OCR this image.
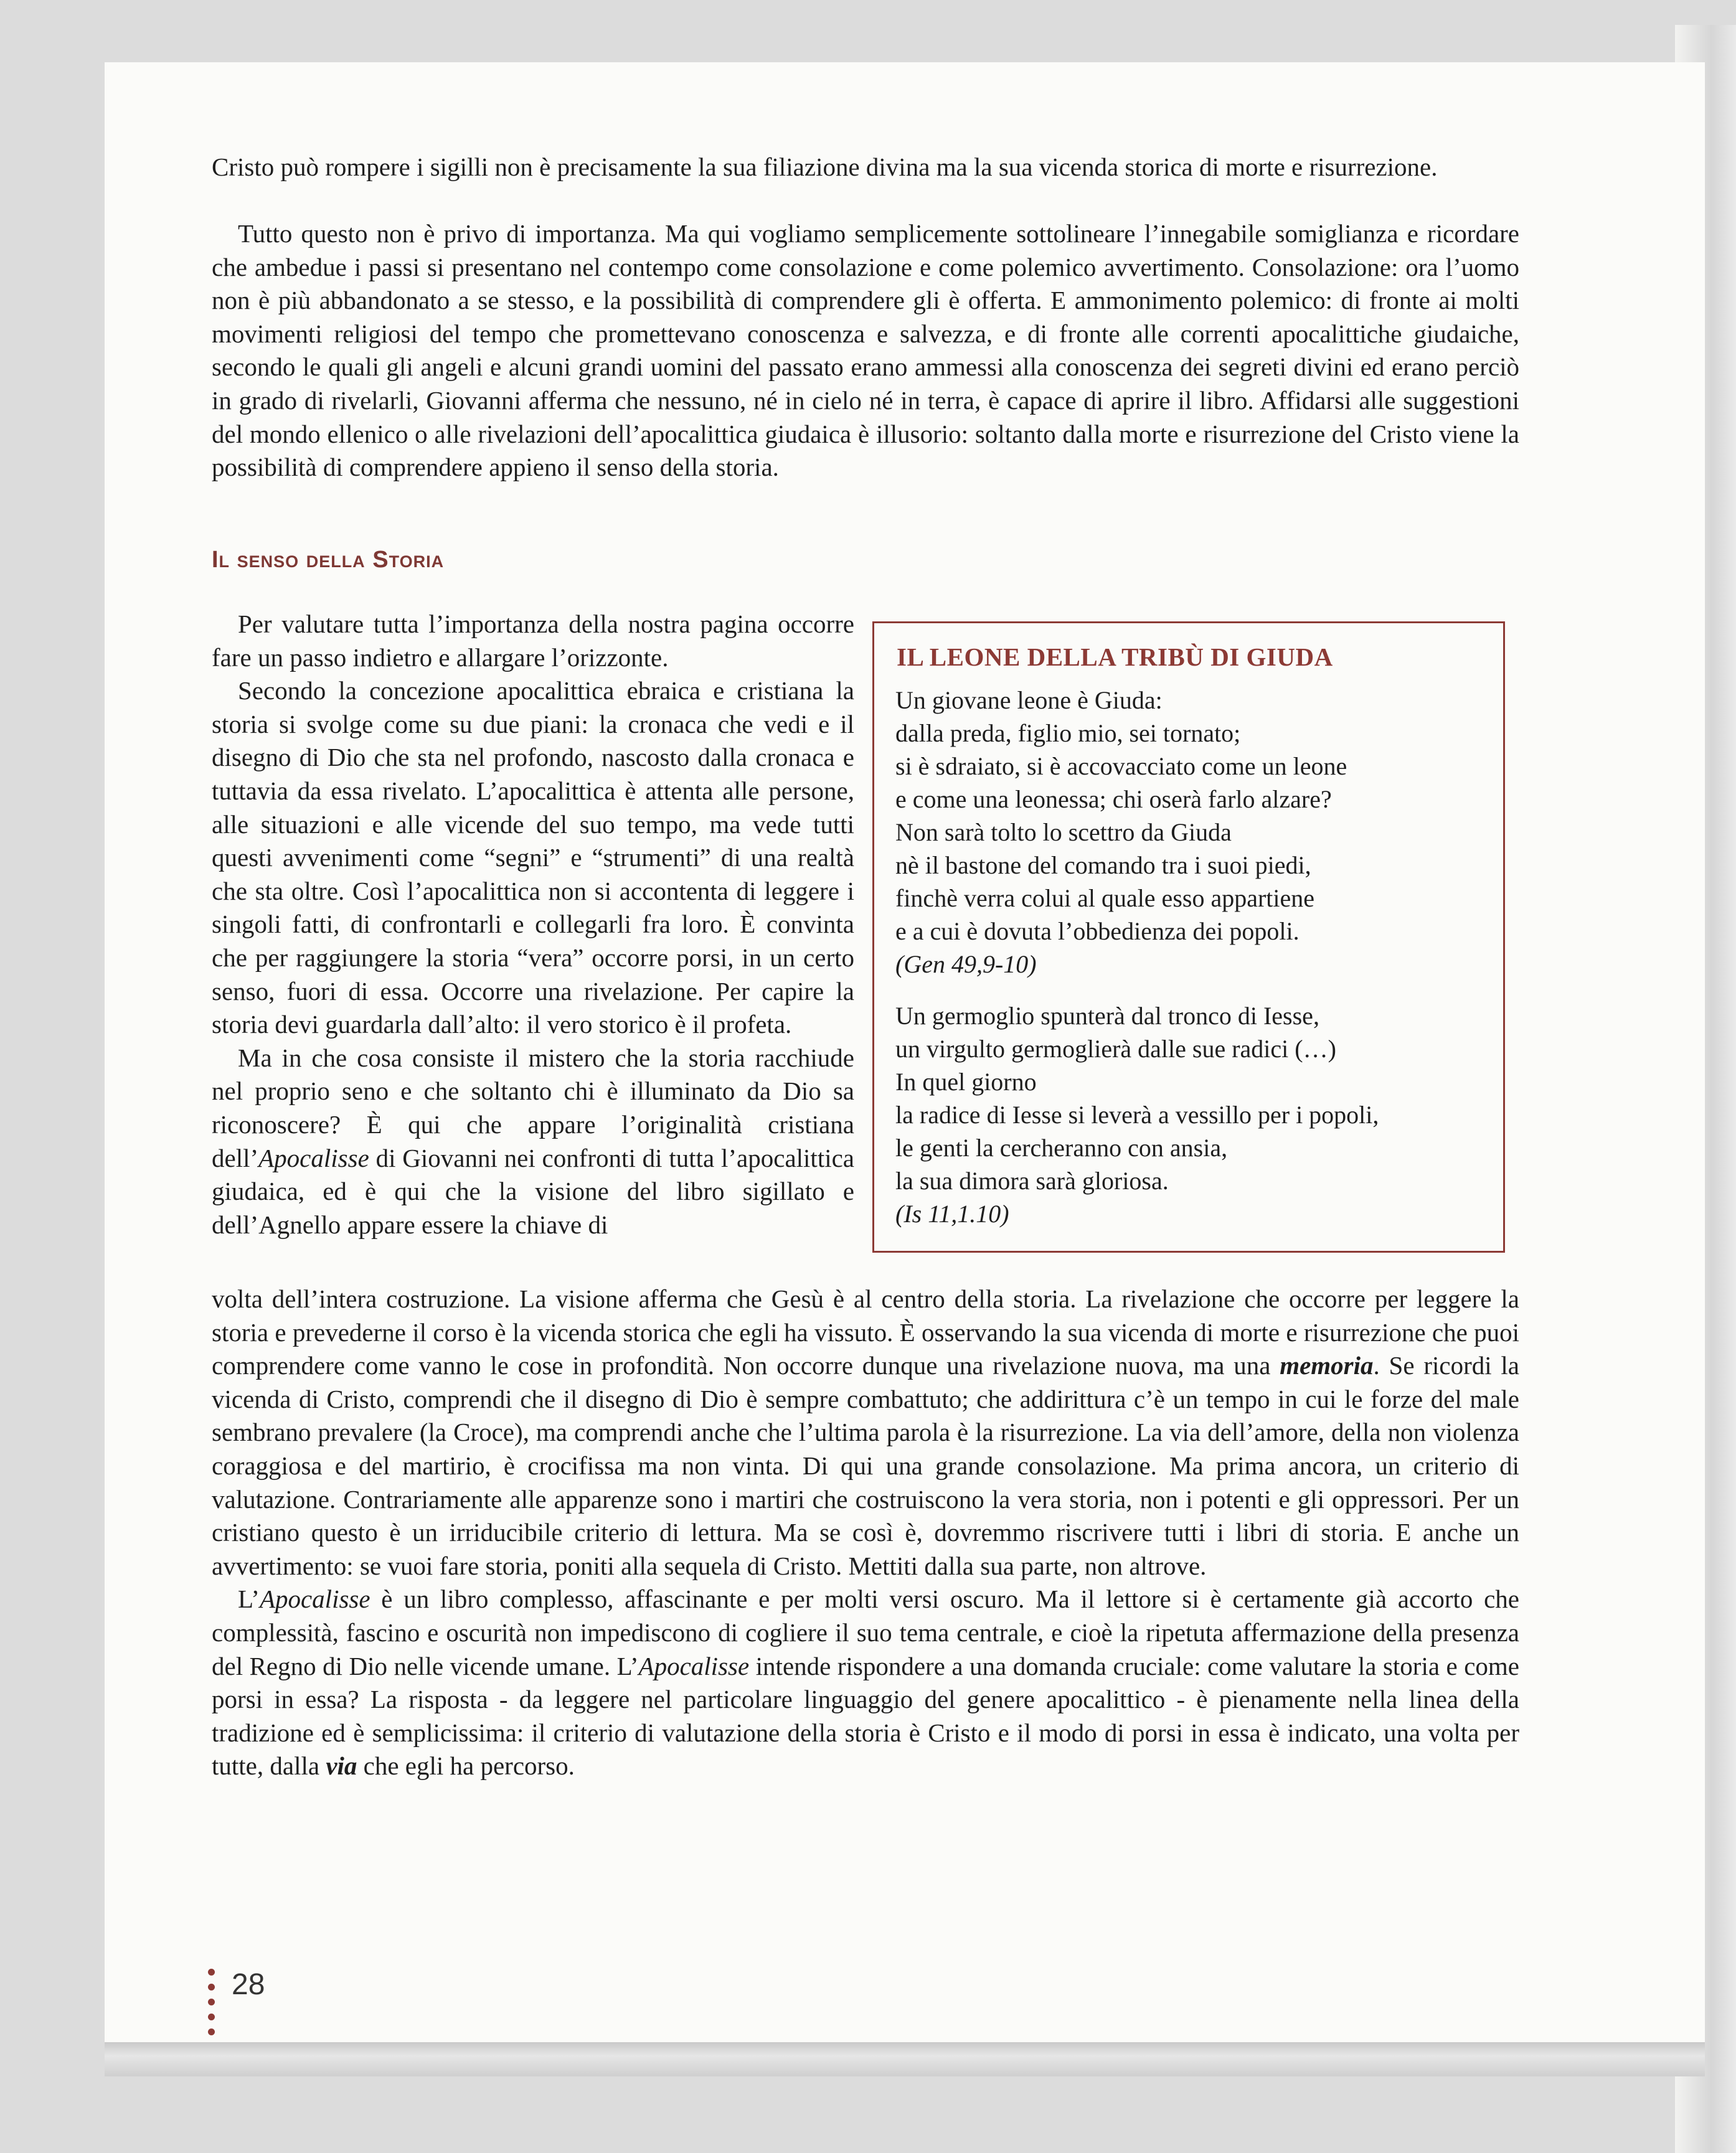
Cristo può rompere i sigilli non è precisamente la sua filiazione divina ma la sua vicenda storica di morte e risurrezione.

Tutto questo non è privo di importanza. Ma qui vogliamo semplicemente sottolineare l’innegabile somiglianza e ricordare che ambedue i passi si presentano nel contempo come consolazione e come polemico avvertimento. Consolazione: ora l’uomo non è più abbandonato a se stesso, e la possibilità di comprendere gli è offerta. E ammonimento polemico: di fronte ai molti movimenti religiosi del tempo che promettevano conoscenza e salvezza, e di fronte alle correnti apocalittiche giudaiche, secondo le quali gli angeli e alcuni grandi uomini del passato erano ammessi alla conoscenza dei segreti divini ed erano perciò in grado di rivelarli, Giovanni afferma che nessuno, né in cielo né in terra, è capace di aprire il libro. Affidarsi alle suggestioni del mondo ellenico o alle rivelazioni dell’apocalittica giudaica è illusorio: soltanto dalla morte e risurrezione del Cristo viene la possibilità di comprendere appieno il senso della storia.

Il senso della Storia

Per valutare tutta l’importanza della nostra pagina occorre fare un passo indietro e allargare l’orizzonte.

Secondo la concezione apocalittica ebraica e cristiana la storia si svolge come su due piani: la cronaca che vedi e il disegno di Dio che sta nel profondo, nascosto dalla cronaca e tuttavia da essa rivelato. L’apocalittica è attenta alle persone, alle situazioni e alle vicende del suo tempo, ma vede tutti questi avvenimenti come “segni” e “strumenti” di una realtà che sta oltre. Così l’apocalittica non si accontenta di leggere i singoli fatti, di confrontarli e collegarli fra loro. È convinta che per raggiungere la storia “vera” occorre porsi, in un certo senso, fuori di essa. Occorre una rivelazione. Per capire la storia devi guardarla dall’alto: il vero storico è il profeta.

Ma in che cosa consiste il mistero che la storia racchiude nel proprio seno e che soltanto chi è illuminato da Dio sa riconoscere? È qui che appare l’originalità cristiana dell’Apocalisse di Giovanni nei confronti di tutta l’apocalittica giudaica, ed è qui che la visione del libro sigillato e dell’Agnello appare essere la chiave di

IL LEONE DELLA TRIBÙ DI GIUDA

Un giovane leone è Giuda:

dalla preda, figlio mio, sei tornato;

si è sdraiato, si è accovacciato come un leone

e come una leonessa; chi oserà farlo alzare?

Non sarà tolto lo scettro da Giuda

nè il bastone del comando tra i suoi piedi,

finchè verra colui al quale esso appartiene

e a cui è dovuta l’obbedienza dei popoli.

(Gen 49,9-10)

Un germoglio spunterà dal tronco di Iesse,

un virgulto germoglierà dalle sue radici (…)

In quel giorno

la radice di Iesse si leverà a vessillo per i popoli,

le genti la cercheranno con ansia,

la sua dimora sarà gloriosa.

(Is 11,1.10)

volta dell’intera costruzione. La visione afferma che Gesù è al centro della storia. La rivelazione che occorre per leggere la storia e prevederne il corso è la vicenda storica che egli ha vissuto. È osservando la sua vicenda di morte e risurrezione che puoi comprendere come vanno le cose in profondità. Non occorre dunque una rivelazione nuova, ma una memoria. Se ricordi la vicenda di Cristo, comprendi che il disegno di Dio è sempre combattuto; che addirittura c’è un tempo in cui le forze del male sembrano prevalere (la Croce), ma comprendi anche che l’ultima parola è la risurrezione. La via dell’amore, della non violenza coraggiosa e del martirio, è crocifissa ma non vinta. Di qui una grande consolazione. Ma prima ancora, un criterio di valutazione. Contrariamente alle apparenze sono i martiri che costruiscono la vera storia, non i potenti e gli oppressori. Per un cristiano questo è un irriducibile criterio di lettura. Ma se così è, dovremmo riscrivere tutti i libri di storia. E anche un avvertimento: se vuoi fare storia, poniti alla sequela di Cristo. Mettiti dalla sua parte, non altrove.

L’Apocalisse è un libro complesso, affascinante e per molti versi oscuro. Ma il lettore si è certamente già accorto che complessità, fascino e oscurità non impediscono di cogliere il suo tema centrale, e cioè la ripetuta affermazione della presenza del Regno di Dio nelle vicende umane. L’Apocalisse intende rispondere a una domanda cruciale: come valutare la storia e come porsi in essa? La risposta - da leggere nel particolare linguaggio del genere apocalittico - è pienamente nella linea della tradizione ed è semplicissima: il criterio di valutazione della storia è Cristo e il modo di porsi in essa è indicato, una volta per tutte, dalla via che egli ha percorso.

28
